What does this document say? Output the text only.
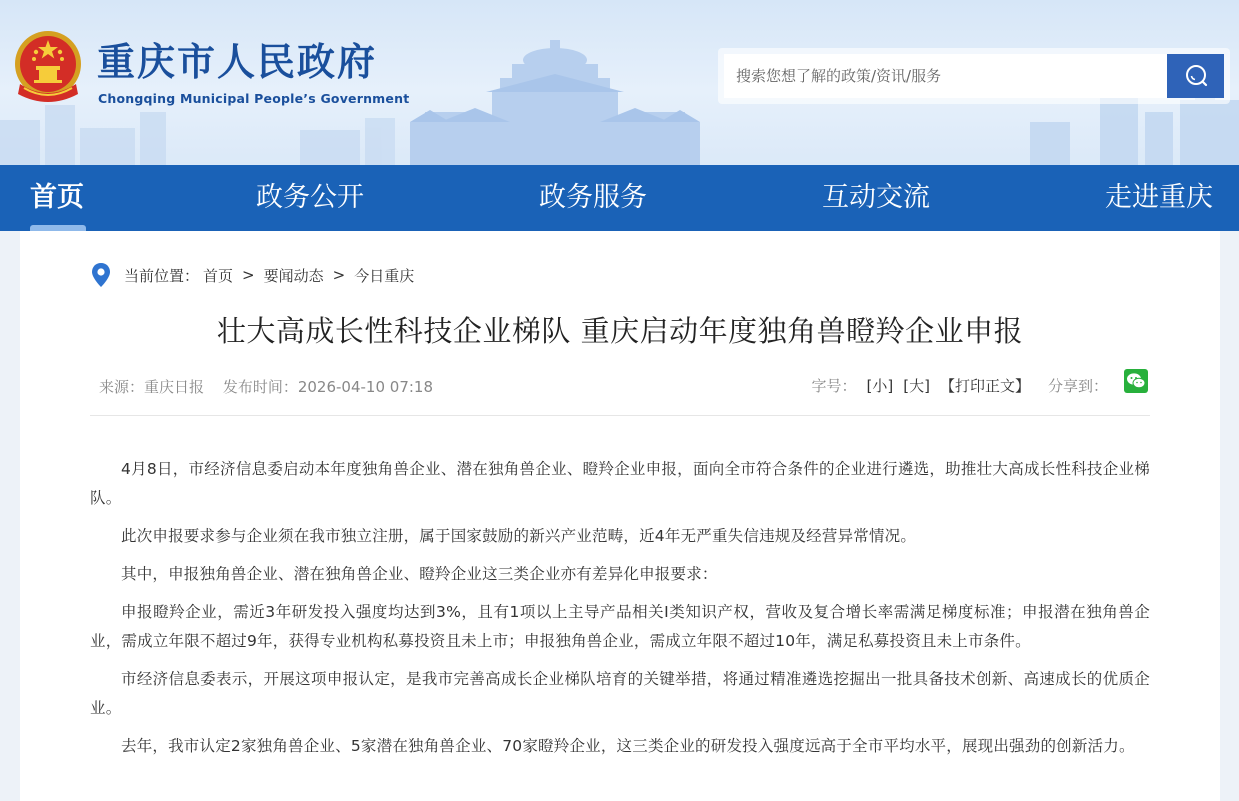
重庆市人民政府
Chongqing Municipal People’s Government
搜索您想了解的政策/资讯/服务
首页	政务公开	政务服务	互动交流	走进重庆
当前位置： 首页 > 要闻动态 > 今日重庆
壮大高成长性科技企业梯队 重庆启动年度独角兽瞪羚企业申报
来源：重庆日报 发布时间：2026-04-10 07:18	字号： [小] [大] 【打印正文】 分享到：

4月8日，市经济信息委启动本年度独角兽企业、潜在独角兽企业、瞪羚企业申报，面向全市符合条件的企业进行遴选，助推壮大高成长性科技企业梯队。

此次申报要求参与企业须在我市独立注册，属于国家鼓励的新兴产业范畴，近4年无严重失信违规及经营异常情况。

其中，申报独角兽企业、潜在独角兽企业、瞪羚企业这三类企业亦有差异化申报要求：

申报瞪羚企业，需近3年研发投入强度均达到3%，且有1项以上主导产品相关Ⅰ类知识产权，营收及复合增长率需满足梯度标准；申报潜在独角兽企业，需成立年限不超过9年，获得专业机构私募投资且未上市；申报独角兽企业，需成立年限不超过10年，满足私募投资且未上市条件。

市经济信息委表示，开展这项申报认定，是我市完善高成长企业梯队培育的关键举措，将通过精准遴选挖掘出一批具备技术创新、高速成长的优质企业。

去年，我市认定2家独角兽企业、5家潜在独角兽企业、70家瞪羚企业，这三类企业的研发投入强度远高于全市平均水平，展现出强劲的创新活力。
